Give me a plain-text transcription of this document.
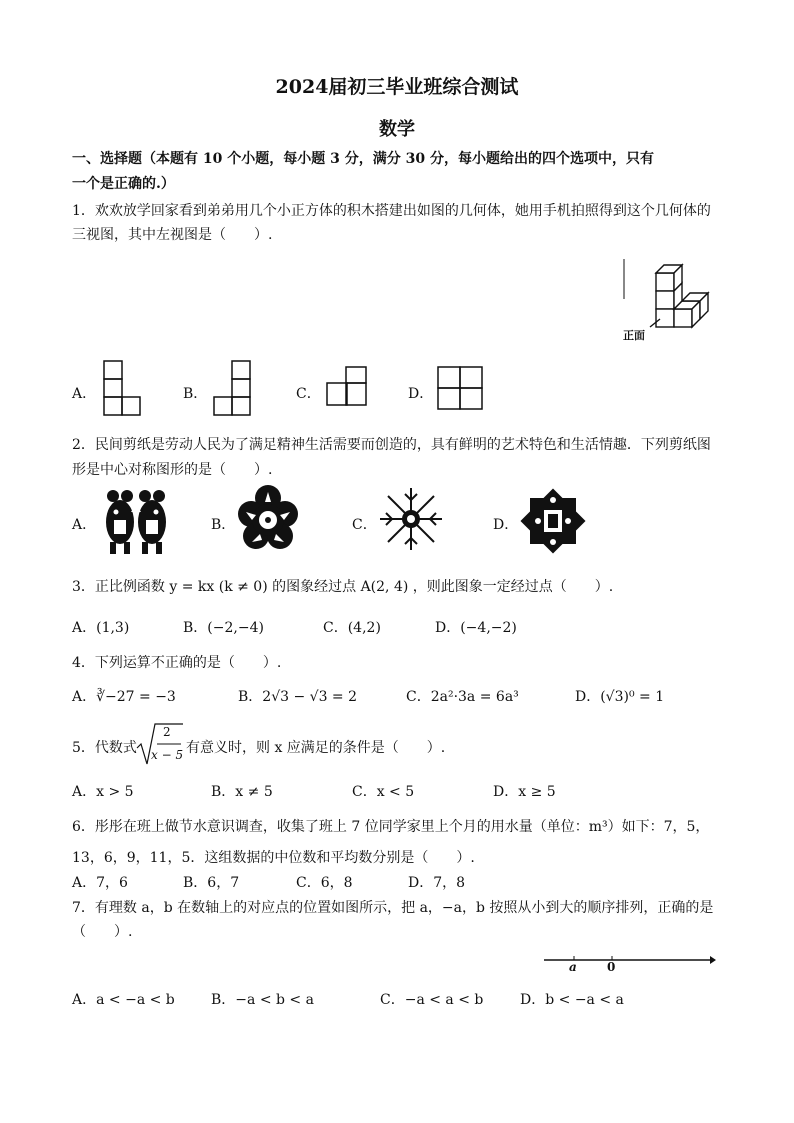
2024届初三毕业班综合测试
数学
一、选择题（本题有 10 个小题，每小题 3 分，满分 30 分，每小题给出的四个选项中，只有
一个是正确的.）
1．欢欢放学回家看到弟弟用几个小正方体的积木搭建出如图的几何体，她用手机拍照得到这个几何体的
三视图，其中左视图是（　　）.
正面
A．	B．	C．	D．
2．民间剪纸是劳动人民为了满足精神生活需要而创造的，具有鲜明的艺术特色和生活情趣．下列剪纸图
形是中心对称图形的是（　　）.
A．	B．	C．	D．
3．正比例函数 y = kx (k ≠ 0) 的图象经过点 A(2, 4) ，则此图象一定经过点（　　）.
A．(1,3)	B．(−2,−4)	C．(4,2)	D．(−4,−2)
4．下列运算不正确的是（　　）.
A．∛−27 = −3	B．2√3 − √3 = 2	C．2a²·3a = 6a³	D．(√3)⁰ = 1
5．代数式
2
x − 5 有意义时，则 x 应满足的条件是（　　）.
A．x > 5	B．x ≠ 5	C．x < 5	D．x ≥ 5
6．彤彤在班上做节水意识调查，收集了班上 7 位同学家里上个月的用水量（单位：m³）如下：7，5，
13，6，9，11，5．这组数据的中位数和平均数分别是（　　）.
A．7，6	B．6，7	C．6，8	D．7，8
7．有理数 a，b 在数轴上的对应点的位置如图所示，把 a，−a，b 按照从小到大的顺序排列，正确的是
（　　）.
a	0
A．a < −a < b	B．−a < b < a	C．−a < a < b	D．b < −a < a
